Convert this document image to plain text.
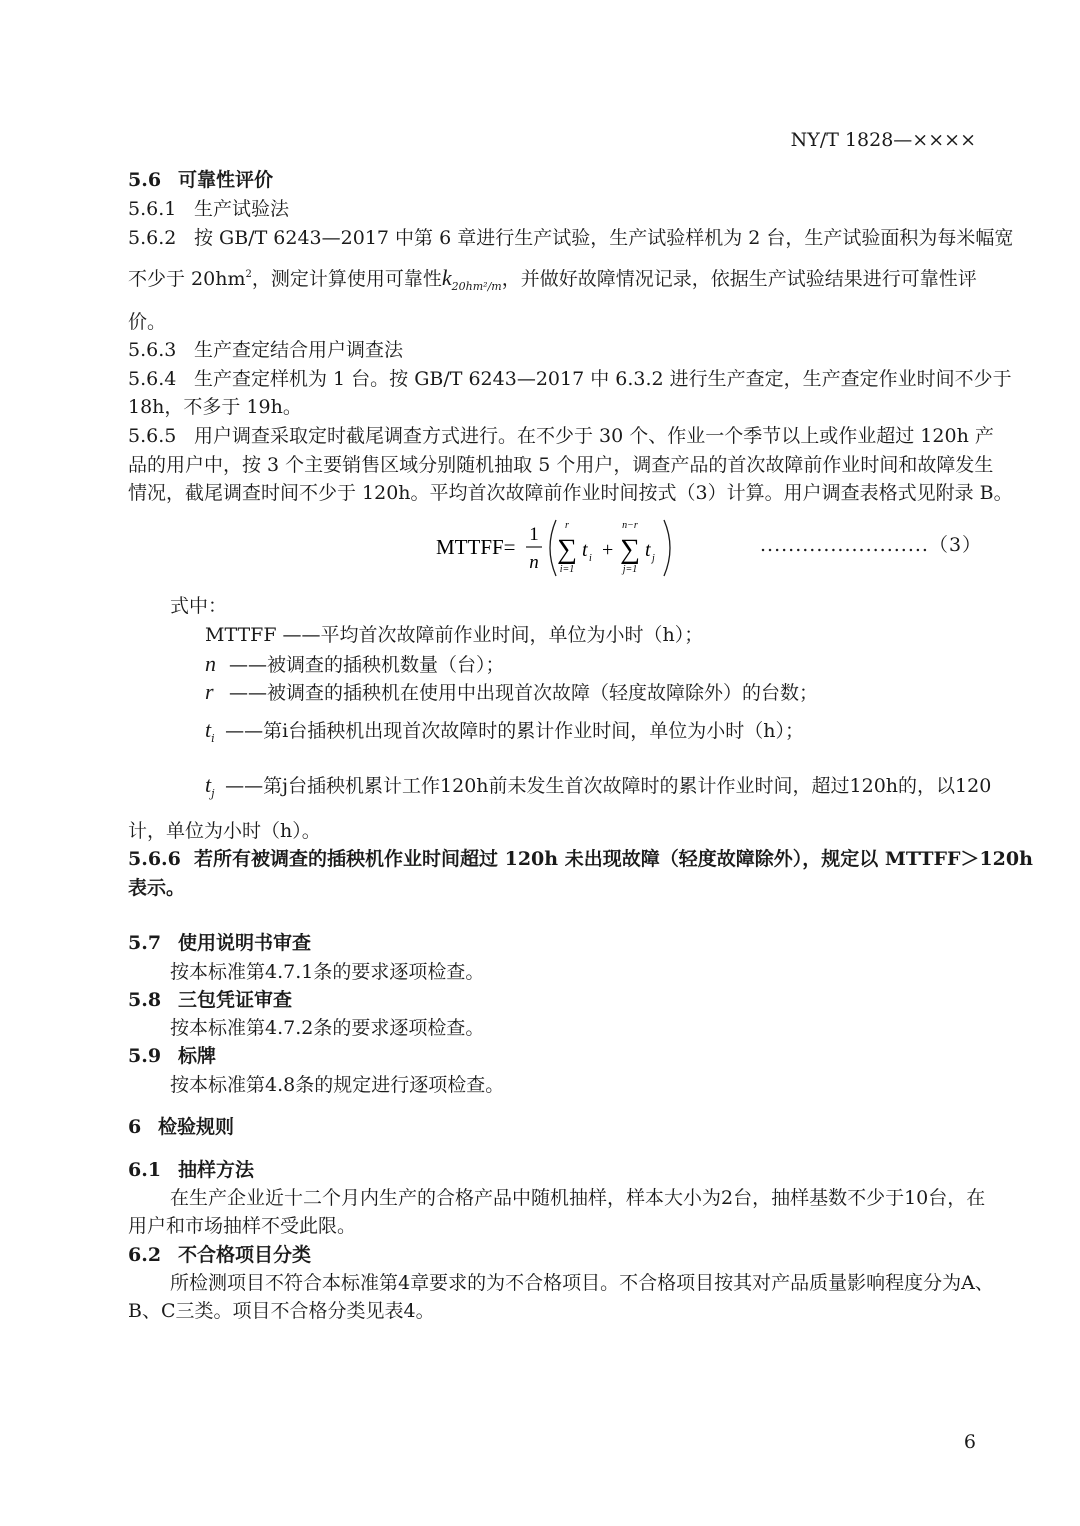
NY/T 1828—××××
5.6 可靠性评价
5.6.1 生产试验法
5.6.2 按 GB/T 6243—2017 中第 6 章进行生产试验，生产试验样机为 2 台，生产试验面积为每米幅宽
不少于 $20hm^2$，测定计算使用可靠性$k_{20hm^2/m}$，并做好故障情况记录，依据生产试验结果进行可靠性评
价。
5.6.3 生产查定结合用户调查法
5.6.4 生产查定样机为 1 台。按 GB/T 6243—2017 中 6.3.2 进行生产查定，生产查定作业时间不少于
18h，不多于 19h。
5.6.5 用户调查采取定时截尾调查方式进行。在不少于 30 个、作业一个季节以上或作业超过 120h 产
品的用户中，按 3 个主要销售区域分别随机抽取 5 个用户，调查产品的首次故障前作业时间和故障发生
情况，截尾调查时间不少于 120h。平均首次故障前作业时间按式（3）计算。用户调查表格式见附录 B。
MTTFF=
1
n
r
∑
i=1
t i +
n−r
∑
j=1
t j
........................（3）
式中：
MTTFF ——平均首次故障前作业时间，单位为小时（h）；
n ——被调查的插秧机数量（台）；
r ——被调查的插秧机在使用中出现首次故障（轻度故障除外）的台数；
ti ——第i台插秧机出现首次故障时的累计作业时间，单位为小时（h）；
tj ——第j台插秧机累计工作120h前未发生首次故障时的累计作业时间，超过120h的，以120
计，单位为小时（h）。
5.6.6 若所有被调查的插秧机作业时间超过 120h 未出现故障（轻度故障除外），规定以 MTTFF＞120h
表示。
5.7 使用说明书审查
按本标准第4.7.1条的要求逐项检查。
5.8 三包凭证审查
按本标准第4.7.2条的要求逐项检查。
5.9 标牌
按本标准第4.8条的规定进行逐项检查。
6 检验规则
6.1 抽样方法
在生产企业近十二个月内生产的合格产品中随机抽样，样本大小为2台，抽样基数不少于10台，在
用户和市场抽样不受此限。
6.2 不合格项目分类
所检测项目不符合本标准第4章要求的为不合格项目。不合格项目按其对产品质量影响程度分为A、
B、C三类。项目不合格分类见表4。
6
